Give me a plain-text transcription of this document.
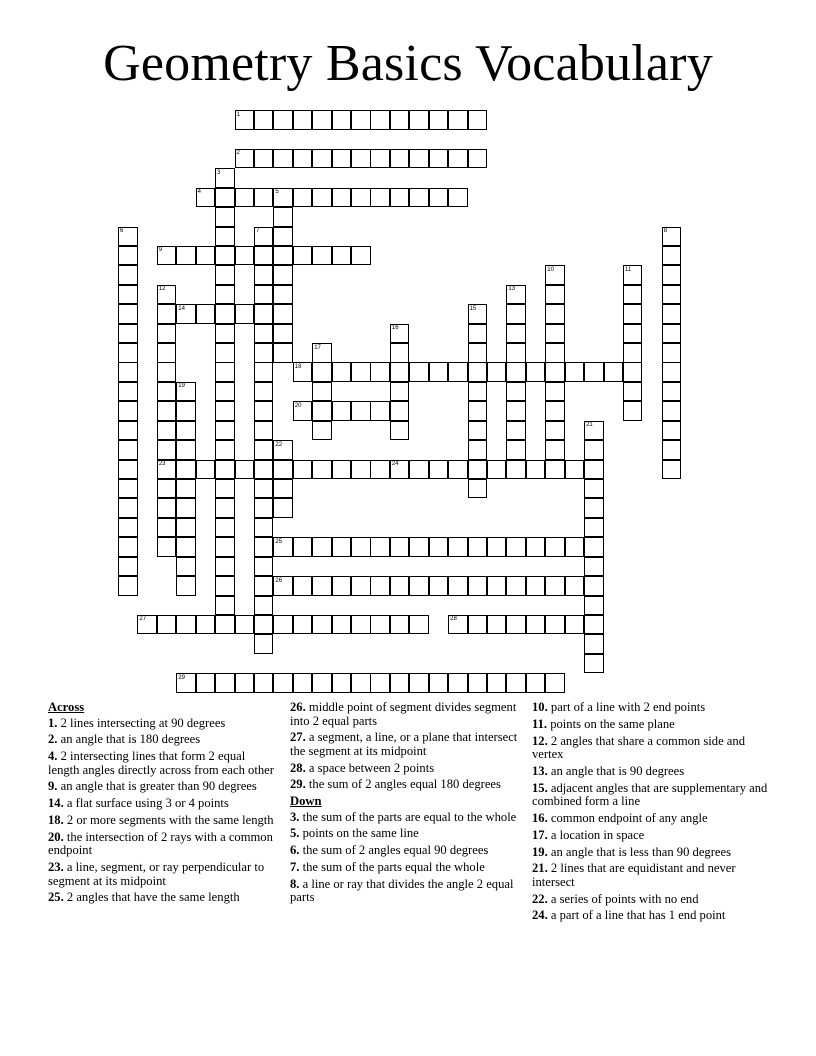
Geometry Basics Vocabulary
1
2
3
4	5
6	7	8
9
10	11
12	13
14	15
16
17
18
19
20
21
22
23	24
25
26
27	28
29
Across
1. 2 lines intersecting at 90 degrees
2. an angle that is 180 degrees
4. 2 intersecting lines that form 2 equal length angles directly across from each other
9. an angle that is greater than 90 degrees
14. a flat surface using 3 or 4 points
18. 2 or more segments with the same length
20. the intersection of 2 rays with a common endpoint
23. a line, segment, or ray perpendicular to segment at its midpoint
25. 2 angles that have the same length
26. middle point of segment divides segment into 2 equal parts
27. a segment, a line, or a plane that intersect the segment at its midpoint
28. a space between 2 points
29. the sum of 2 angles equal 180 degrees
Down
3. the sum of the parts are equal to the whole
5. points on the same line
6. the sum of 2 angles equal 90 degrees
7. the sum of the parts equal the whole
8. a line or ray that divides the angle 2 equal parts
10. part of a line with 2 end points
11. points on the same plane
12. 2 angles that share a common side and vertex
13. an angle that is 90 degrees
15. adjacent angles that are supplementary and combined form a line
16. common endpoint of any angle
17. a location in space
19. an angle that is less than 90 degrees
21. 2 lines that are equidistant and never intersect
22. a series of points with no end
24. a part of a line that has 1 end point
